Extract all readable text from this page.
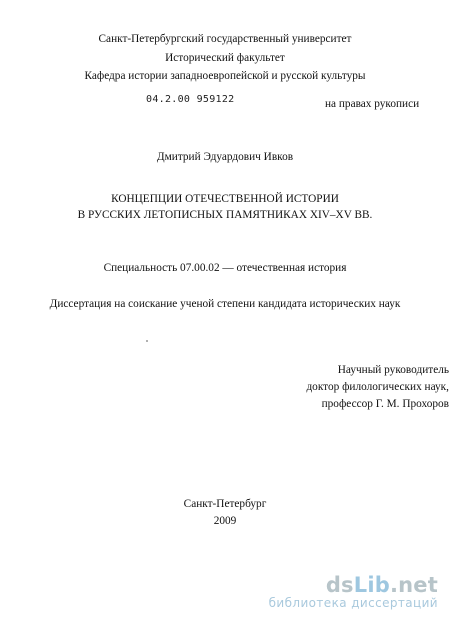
Санкт-Петербургский государственный университет
Исторический факультет
Кафедра истории западноевропейской и русской культуры
04.2.00 959122	на правах рукописи
Дмитрий Эдуардович Ивков
КОНЦЕПЦИИ ОТЕЧЕСТВЕННОЙ ИСТОРИИ
В РУССКИХ ЛЕТОПИСНЫХ ПАМЯТНИКАХ XIV–XV ВВ.
Специальность 07.00.02 — отечественная история
Диссертация на соискание ученой степени кандидата исторических наук
Научный руководитель
доктор филологических наук,
профессор Г. М. Прохоров
Санкт-Петербург
2009
dsLib.net
библиотека диссертаций
